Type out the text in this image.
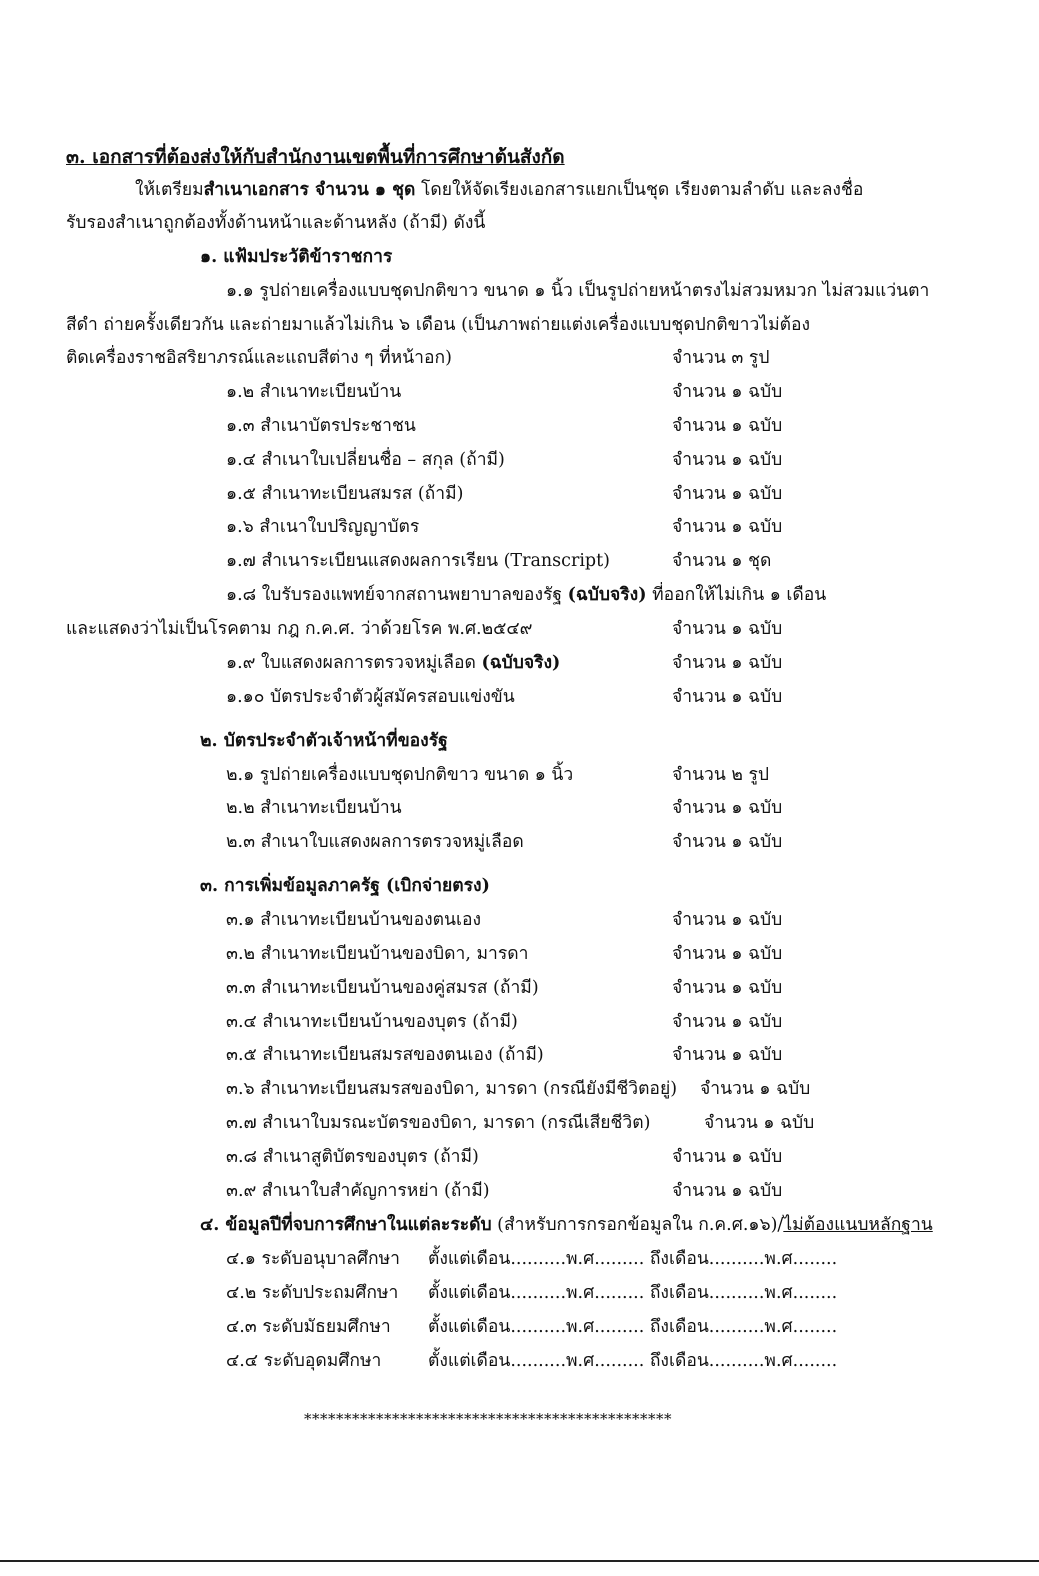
๓. เอกสารที่ต้องส่งให้กับสำนักงานเขตพื้นที่การศึกษาต้นสังกัด
ให้เตรียมสำเนาเอกสาร จำนวน ๑ ชุด โดยให้จัดเรียงเอกสารแยกเป็นชุด เรียงตามลำดับ และลงชื่อ
รับรองสำเนาถูกต้องทั้งด้านหน้าและด้านหลัง (ถ้ามี) ดังนี้
๑. แฟ้มประวัติข้าราชการ
๑.๑ รูปถ่ายเครื่องแบบชุดปกติขาว ขนาด ๑ นิ้ว เป็นรูปถ่ายหน้าตรงไม่สวมหมวก ไม่สวมแว่นตา
สีดำ ถ่ายครั้งเดียวกัน และถ่ายมาแล้วไม่เกิน ๖ เดือน (เป็นภาพถ่ายแต่งเครื่องแบบชุดปกติขาวไม่ต้อง
ติดเครื่องราชอิสริยาภรณ์และแถบสีต่าง ๆ ที่หน้าอก)	จำนวน ๓ รูป
๑.๒ สำเนาทะเบียนบ้าน	จำนวน ๑ ฉบับ
๑.๓ สำเนาบัตรประชาชน	จำนวน ๑ ฉบับ
๑.๔ สำเนาใบเปลี่ยนชื่อ – สกุล (ถ้ามี)	จำนวน ๑ ฉบับ
๑.๕ สำเนาทะเบียนสมรส (ถ้ามี)	จำนวน ๑ ฉบับ
๑.๖ สำเนาใบปริญญาบัตร	จำนวน ๑ ฉบับ
๑.๗ สำเนาระเบียนแสดงผลการเรียน (Transcript)	จำนวน ๑ ชุด
๑.๘ ใบรับรองแพทย์จากสถานพยาบาลของรัฐ (ฉบับจริง) ที่ออกให้ไม่เกิน ๑ เดือน
และแสดงว่าไม่เป็นโรคตาม กฎ ก.ค.ศ. ว่าด้วยโรค พ.ศ.๒๕๔๙	จำนวน ๑ ฉบับ
๑.๙ ใบแสดงผลการตรวจหมู่เลือด (ฉบับจริง)	จำนวน ๑ ฉบับ
๑.๑๐ บัตรประจำตัวผู้สมัครสอบแข่งขัน	จำนวน ๑ ฉบับ
๒. บัตรประจำตัวเจ้าหน้าที่ของรัฐ
๒.๑ รูปถ่ายเครื่องแบบชุดปกติขาว ขนาด ๑ นิ้ว	จำนวน ๒ รูป
๒.๒ สำเนาทะเบียนบ้าน	จำนวน ๑ ฉบับ
๒.๓ สำเนาใบแสดงผลการตรวจหมู่เลือด	จำนวน ๑ ฉบับ
๓. การเพิ่มข้อมูลภาครัฐ (เบิกจ่ายตรง)
๓.๑ สำเนาทะเบียนบ้านของตนเอง	จำนวน ๑ ฉบับ
๓.๒ สำเนาทะเบียนบ้านของบิดา, มารดา	จำนวน ๑ ฉบับ
๓.๓ สำเนาทะเบียนบ้านของคู่สมรส (ถ้ามี)	จำนวน ๑ ฉบับ
๓.๔ สำเนาทะเบียนบ้านของบุตร (ถ้ามี)	จำนวน ๑ ฉบับ
๓.๕ สำเนาทะเบียนสมรสของตนเอง (ถ้ามี)	จำนวน ๑ ฉบับ
๓.๖ สำเนาทะเบียนสมรสของบิดา, มารดา (กรณียังมีชีวิตอยู่) จำนวน ๑ ฉบับ
๓.๗ สำเนาใบมรณะบัตรของบิดา, มารดา (กรณีเสียชีวิต)	จำนวน ๑ ฉบับ
๓.๘ สำเนาสูติบัตรของบุตร (ถ้ามี)	จำนวน ๑ ฉบับ
๓.๙ สำเนาใบสำคัญการหย่า (ถ้ามี)	จำนวน ๑ ฉบับ
๔. ข้อมูลปีที่จบการศึกษาในแต่ละระดับ (สำหรับการกรอกข้อมูลใน ก.ค.ศ.๑๖)/ไม่ต้องแนบหลักฐาน
๔.๑ ระดับอนุบาลศึกษา ตั้งแต่เดือน..........พ.ศ......... ถึงเดือน..........พ.ศ........
๔.๒ ระดับประถมศึกษา ตั้งแต่เดือน..........พ.ศ......... ถึงเดือน..........พ.ศ........
๔.๓ ระดับมัธยมศึกษา ตั้งแต่เดือน..........พ.ศ......... ถึงเดือน..........พ.ศ........
๔.๔ ระดับอุดมศึกษา	ตั้งแต่เดือน..........พ.ศ......... ถึงเดือน..........พ.ศ........
**********************************************
